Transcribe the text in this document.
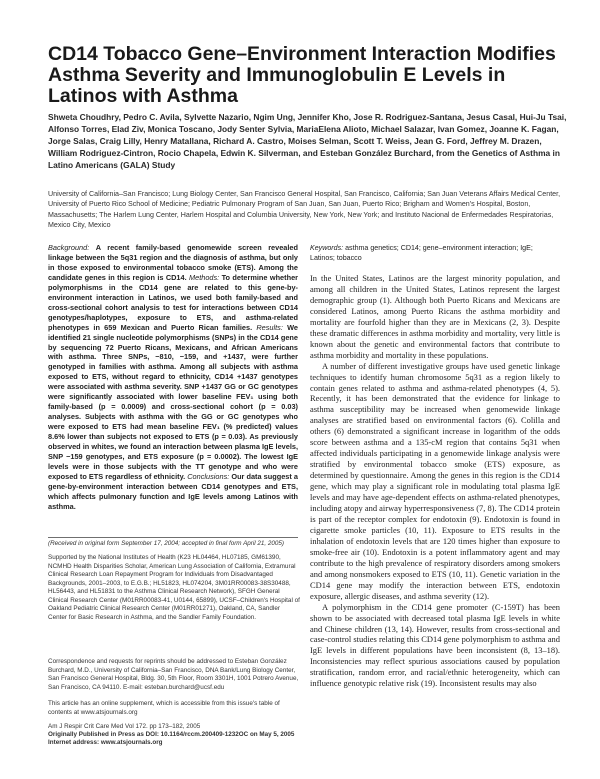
CD14 Tobacco Gene–Environment Interaction Modifies Asthma Severity and Immunoglobulin E Levels in Latinos with Asthma

Shweta Choudhry, Pedro C. Avila, Sylvette Nazario, Ngim Ung, Jennifer Kho, Jose R. Rodriguez-Santana, Jesus Casal, Hui-Ju Tsai, Alfonso Torres, Elad Ziv, Monica Toscano, Jody Senter Sylvia, MariaElena Alioto, Michael Salazar, Ivan Gomez, Joanne K. Fagan, Jorge Salas, Craig Lilly, Henry Matallana, Richard A. Castro, Moises Selman, Scott T. Weiss, Jean G. Ford, Jeffrey M. Drazen, William Rodriguez-Cintron, Rocio Chapela, Edwin K. Silverman, and Esteban González Burchard, from the Genetics of Asthma in Latino Americans (GALA) Study

University of California–San Francisco; Lung Biology Center, San Francisco General Hospital, San Francisco, California; San Juan Veterans Affairs Medical Center, University of Puerto Rico School of Medicine; Pediatric Pulmonary Program of San Juan, San Juan, Puerto Rico; Brigham and Women's Hospital, Boston, Massachusetts; The Harlem Lung Center, Harlem Hospital and Columbia University, New York, New York; and Instituto Nacional de Enfermedades Respiratorias, Mexico City, Mexico

Background: A recent family-based genomewide screen revealed linkage between the 5q31 region and the diagnosis of asthma, but only in those exposed to environmental tobacco smoke (ETS). Among the candidate genes in this region is CD14. Methods: To determine whether polymorphisms in the CD14 gene are related to this gene-by-environment interaction in Latinos, we used both family-based and cross-sectional cohort analysis to test for interactions between CD14 genotypes/haplotypes, exposure to ETS, and asthma-related phenotypes in 659 Mexican and Puerto Rican families. Results: We identified 21 single nucleotide polymorphisms (SNPs) in the CD14 gene by sequencing 72 Puerto Ricans, Mexicans, and African Americans with asthma. Three SNPs, −810, −159, and +1437, were further genotyped in families with asthma. Among all subjects with asthma exposed to ETS, without regard to ethnicity, CD14 +1437 genotypes were associated with asthma severity. SNP +1437 GG or GC genotypes were significantly associated with lower baseline FEV₁ using both family-based (p = 0.0009) and cross-sectional cohort (p = 0.03) analyses. Subjects with asthma with the GG or GC genotypes who were exposed to ETS had mean baseline FEV₁ (% predicted) values 8.6% lower than subjects not exposed to ETS (p = 0.03). As previously observed in whites, we found an interaction between plasma IgE levels, SNP −159 genotypes, and ETS exposure (p = 0.0002). The lowest IgE levels were in those subjects with the TT genotype and who were exposed to ETS regardless of ethnicity. Conclusions: Our data suggest a gene-by-environment interaction between CD14 genotypes and ETS, which affects pulmonary function and IgE levels among Latinos with asthma.

Keywords: asthma genetics; CD14; gene–environment interaction; IgE; Latinos; tobacco

In the United States, Latinos are the largest minority population, and among all children in the United States, Latinos represent the largest demographic group (1). Although both Puerto Ricans and Mexicans are considered Latinos, among Puerto Ricans the asthma morbidity and mortality are fourfold higher than they are in Mexicans (2, 3). Despite these dramatic differences in asthma morbidity and mortality, very little is known about the genetic and environmental factors that contribute to asthma morbidity and mortality in these populations.

A number of different investigative groups have used genetic linkage techniques to identify human chromosome 5q31 as a region likely to contain genes related to asthma and asthma-related phenotypes (4, 5). Recently, it has been demonstrated that the evidence for linkage to asthma susceptibility may be increased when genomewide linkage analyses are stratified based on environmental factors (6). Colilla and others (6) demonstrated a significant increase in logarithm of the odds score between asthma and a 135-cM region that contains 5q31 when affected individuals participating in a genomewide linkage analysis were stratified by environmental tobacco smoke (ETS) exposure, as determined by questionnaire. Among the genes in this region is the CD14 gene, which may play a significant role in modulating total plasma IgE levels and may have age-dependent effects on asthma-related phenotypes, including atopy and airway hyperresponsiveness (7, 8). The CD14 protein is part of the receptor complex for endotoxin (9). Endotoxin is found in cigarette smoke particles (10, 11). Exposure to ETS results in the inhalation of endotoxin levels that are 120 times higher than exposure to smoke-free air (10). Endotoxin is a potent inflammatory agent and may contribute to the high prevalence of respiratory disorders among smokers and among nonsmokers exposed to ETS (10, 11). Genetic variation in the CD14 gene may modify the interaction between ETS, endotoxin exposure, allergic diseases, and asthma severity (12).

A polymorphism in the CD14 gene promoter (C-159T) has been shown to be associated with decreased total plasma IgE levels in white and Chinese children (13, 14). However, results from cross-sectional and case-control studies relating this CD14 gene polymorphism to asthma and IgE levels in different populations have been inconsistent (8, 13–18). Inconsistencies may reflect spurious associations caused by population stratification, random error, and racial/ethnic heterogeneity, which can influence genotypic relative risk (19). Inconsistent results may also

(Received in original form September 17, 2004; accepted in final form April 21, 2005)

Supported by the National Institutes of Health (K23 HL04464, HL07185, GM61390, NCMHD Health Disparities Scholar, American Lung Association of California, Extramural Clinical Research Loan Repayment Program for Individuals from Disadvantaged Backgrounds, 2001–2003, to E.G.B.; HL51823, HL074204, 3M01RR00083-38S30488, HL56443, and HL51831 to the Asthma Clinical Research Network), SFGH General Clinical Research Center (M01RR00083-41, U0144, 65899), UCSF–Children's Hospital of Oakland Pediatric Clinical Research Center (M01RR01271), Oakland, CA, Sandler Center for Basic Research in Asthma, and the Sandler Family Foundation.

Correspondence and requests for reprints should be addressed to Esteban González Burchard, M.D., University of California–San Francisco, DNA Bank/Lung Biology Center, San Francisco General Hospital, Bldg. 30, 5th Floor, Room 3301H, 1001 Potrero Avenue, San Francisco, CA 94110. E-mail: esteban.burchard@ucsf.edu

This article has an online supplement, which is accessible from this issue's table of contents at www.atsjournals.org

Am J Respir Crit Care Med Vol 172. pp 173–182, 2005
Originally Published in Press as DOI: 10.1164/rccm.200409-1232OC on May 5, 2005
Internet address: www.atsjournals.org
